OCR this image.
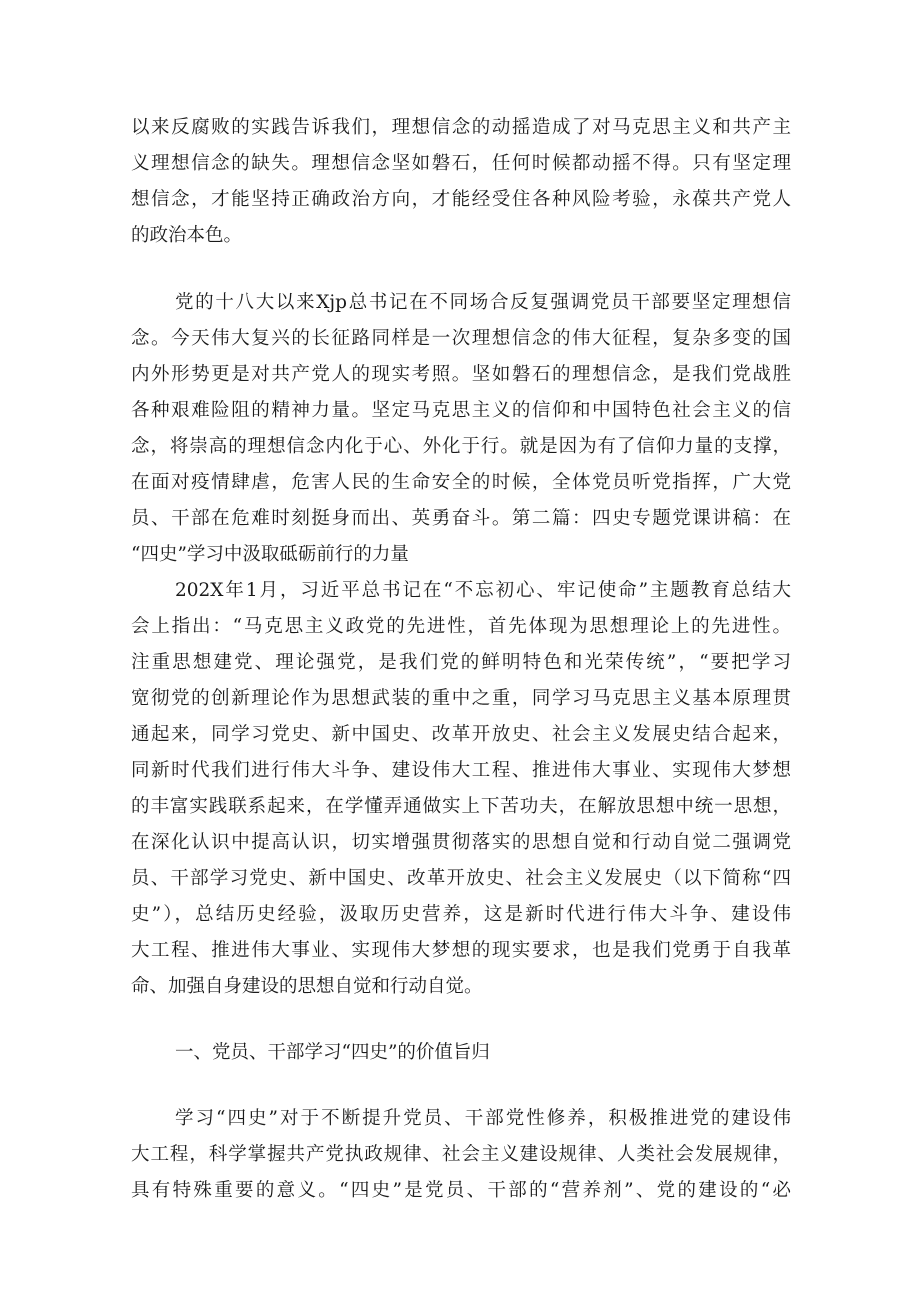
以来反腐败的实践告诉我们，理想信念的动摇造成了对马克思主义和共产主
义理想信念的缺失。理想信念坚如磐石，任何时候都动摇不得。只有坚定理
想信念，才能坚持正确政治方向，才能经受住各种风险考验，永葆共产党人
的政治本色。
党的十八大以来Xjp总书记在不同场合反复强调党员干部要坚定理想信
念。今天伟大复兴的长征路同样是一次理想信念的伟大征程，复杂多变的国
内外形势更是对共产党人的现实考照。坚如磐石的理想信念，是我们党战胜
各种艰难险阻的精神力量。坚定马克思主义的信仰和中国特色社会主义的信
念，将崇高的理想信念内化于心、外化于行。就是因为有了信仰力量的支撑，
在面对疫情肆虐，危害人民的生命安全的时候，全体党员听党指挥，广大党
员、干部在危难时刻挺身而出、英勇奋斗。第二篇：四史专题党课讲稿：在
“四史”学习中汲取砥砺前行的力量
202X年1月，习近平总书记在“不忘初心、牢记使命”主题教育总结大
会上指出：“马克思主义政党的先进性，首先体现为思想理论上的先进性。
注重思想建党、理论强党，是我们党的鲜明特色和光荣传统”，“要把学习
宽彻党的创新理论作为思想武装的重中之重，同学习马克思主义基本原理贯
通起来，同学习党史、新中国史、改革开放史、社会主义发展史结合起来，
同新时代我们进行伟大斗争、建设伟大工程、推进伟大事业、实现伟大梦想
的丰富实践联系起来，在学懂弄通做实上下苦功夫，在解放思想中统一思想，
在深化认识中提高认识，切实增强贯彻落实的思想自觉和行动自觉二强调党
员、干部学习党史、新中国史、改革开放史、社会主义发展史（以下简称“四
史”），总结历史经验，汲取历史营养，这是新时代进行伟大斗争、建设伟
大工程、推进伟大事业、实现伟大梦想的现实要求，也是我们党勇于自我革
命、加强自身建设的思想自觉和行动自觉。
一、党员、干部学习“四史”的价值旨归
学习“四史”对于不断提升党员、干部党性修养，积极推进党的建设伟
大工程，科学掌握共产党执政规律、社会主义建设规律、人类社会发展规律，
具有特殊重要的意义。“四史”是党员、干部的“营养剂”、党的建设的“必
